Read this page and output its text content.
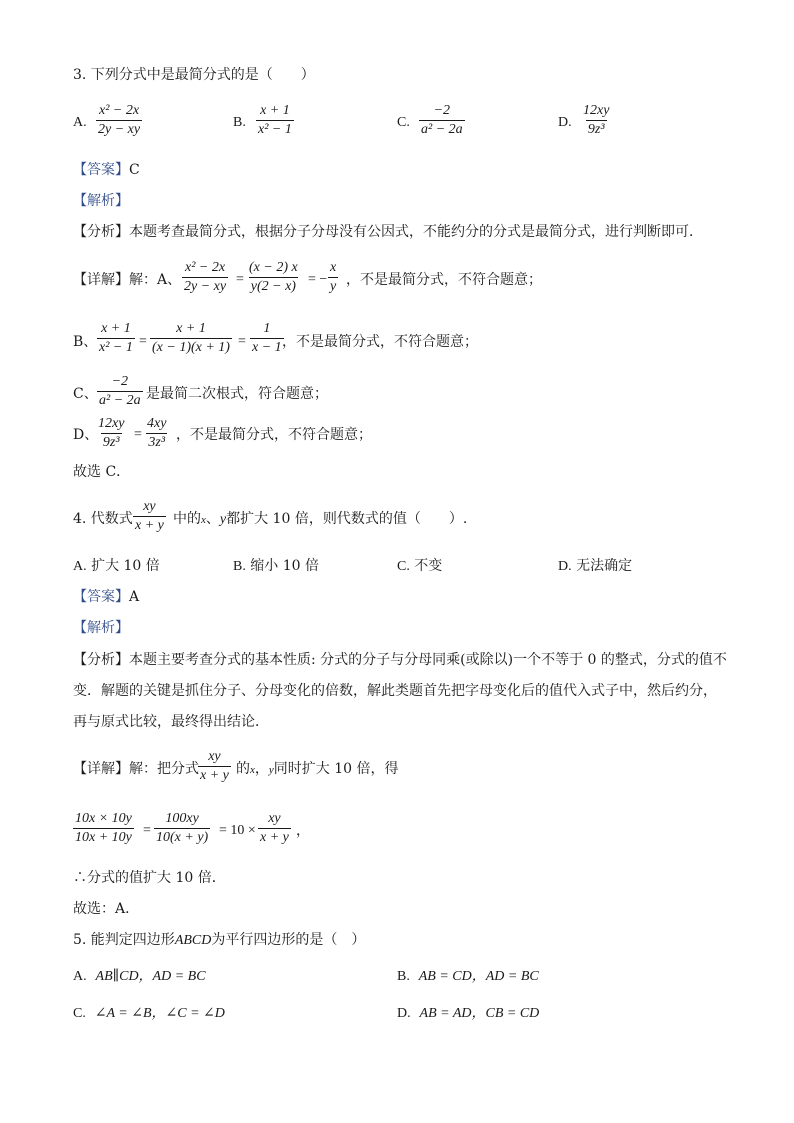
3. 下列分式中是最简分式的是（　　）
A. $\frac{\text{x² − 2x}}{2y - xy}$	B. $\frac{x + 1}{\text{x² − 1}}$	C. $\frac{-2}{\text{a² − 2a}}$	D. $\frac{12xy}{\text{9z³}}$
【答案】C
【解析】
【分析】本题考查最简分式，根据分子分母没有公因式，不能约分的分式是最简分式，进行判断即可．
【详解】解：A、 $\frac{\text{x² − 2x}}{2y - xy} = \frac{(x - 2) x}{y(2 - x)}$ = − $\frac{x}{y}$ ，不是最简分式，不符合题意；
B、 $\frac{x + 1}{\text{x² − 1}} = \frac{x + 1}{(x - 1)(x + 1)} = \frac{1}{x - 1}$
，不是最简分式，不符合题意；
C、 $\frac{-2}{\text{a² − 2a}}$ 是最简二次根式，符合题意；
D、
$\frac{12xy}{\text{9z³}} = \frac{4xy}{\text{3z³}}$ ，不是最简分式，不符合题意；
故选 C．
4. 代数式 $\frac{xy}{x + y}$ 中的x、y都扩大 10 倍，则代数式的值（　　）.
A. 扩大 10 倍	B. 缩小 10 倍	C. 不变	D. 无法确定
【答案】A
【解析】
【分析】本题主要考查分式的基本性质: 分式的分子与分母同乘(或除以)一个不等于 0 的整式，分式的值不
变．解题的关键是抓住分子、分母变化的倍数，解此类题首先把字母变化后的值代入式子中，然后约分，
再与原式比较，最终得出结论．
【详解】解：把分式 $\frac{xy}{x + y}$ 的x，y同时扩大 10 倍，得
$\frac{10x \times 10y}{10x + 10y} = \frac{100xy}{10(x + y)} = 10 \times \frac{xy}{x + y}$ ，
∴分式的值扩大 10 倍．
故选：A．
5. 能判定四边形ABCD为平行四边形的是（　）
A. AB∥CD，AD = BC	B. AB = CD，AD = BC
C. ∠A = ∠B，∠C = ∠D	D. AB = AD，CB = CD
